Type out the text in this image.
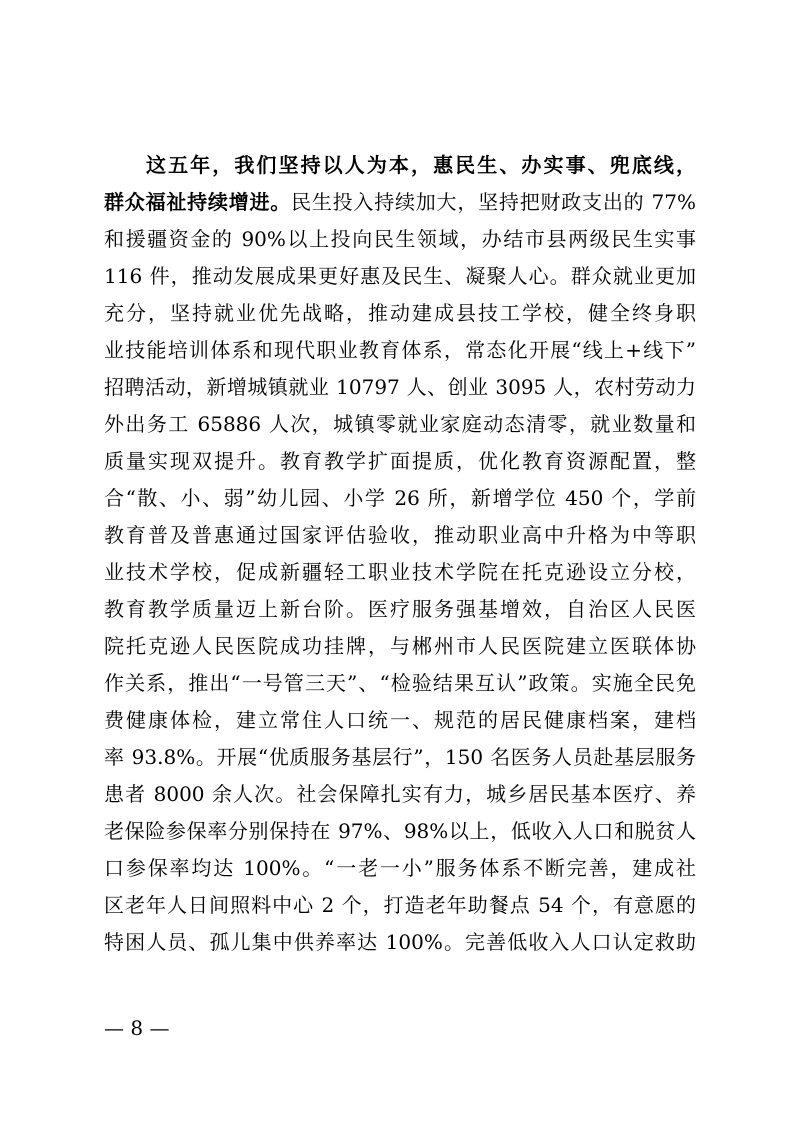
这五年，我们坚持以人为本，惠民生、办实事、兜底线，
群众福祉持续增进。民生投入持续加大，坚持把财政支出的 77%
和援疆资金的 90%以上投向民生领域，办结市县两级民生实事
116 件，推动发展成果更好惠及民生、凝聚人心。群众就业更加
充分，坚持就业优先战略，推动建成县技工学校，健全终身职
业技能培训体系和现代职业教育体系，常态化开展“线上+线下”
招聘活动，新增城镇就业 10797 人、创业 3095 人，农村劳动力
外出务工 65886 人次，城镇零就业家庭动态清零，就业数量和
质量实现双提升。教育教学扩面提质，优化教育资源配置，整
合“散、小、弱”幼儿园、小学 26 所，新增学位 450 个，学前
教育普及普惠通过国家评估验收，推动职业高中升格为中等职
业技术学校，促成新疆轻工职业技术学院在托克逊设立分校，
教育教学质量迈上新台阶。医疗服务强基增效，自治区人民医
院托克逊人民医院成功挂牌，与郴州市人民医院建立医联体协
作关系，推出“一号管三天”、“检验结果互认”政策。实施全民免
费健康体检，建立常住人口统一、规范的居民健康档案，建档
率 93.8%。开展“优质服务基层行”，150 名医务人员赴基层服务
患者 8000 余人次。社会保障扎实有力，城乡居民基本医疗、养
老保险参保率分别保持在 97%、98%以上，低收入人口和脱贫人
口参保率均达 100%。“一老一小”服务体系不断完善，建成社
区老年人日间照料中心 2 个，打造老年助餐点 54 个，有意愿的
特困人员、孤儿集中供养率达 100%。完善低收入人口认定救助
— 8 —
